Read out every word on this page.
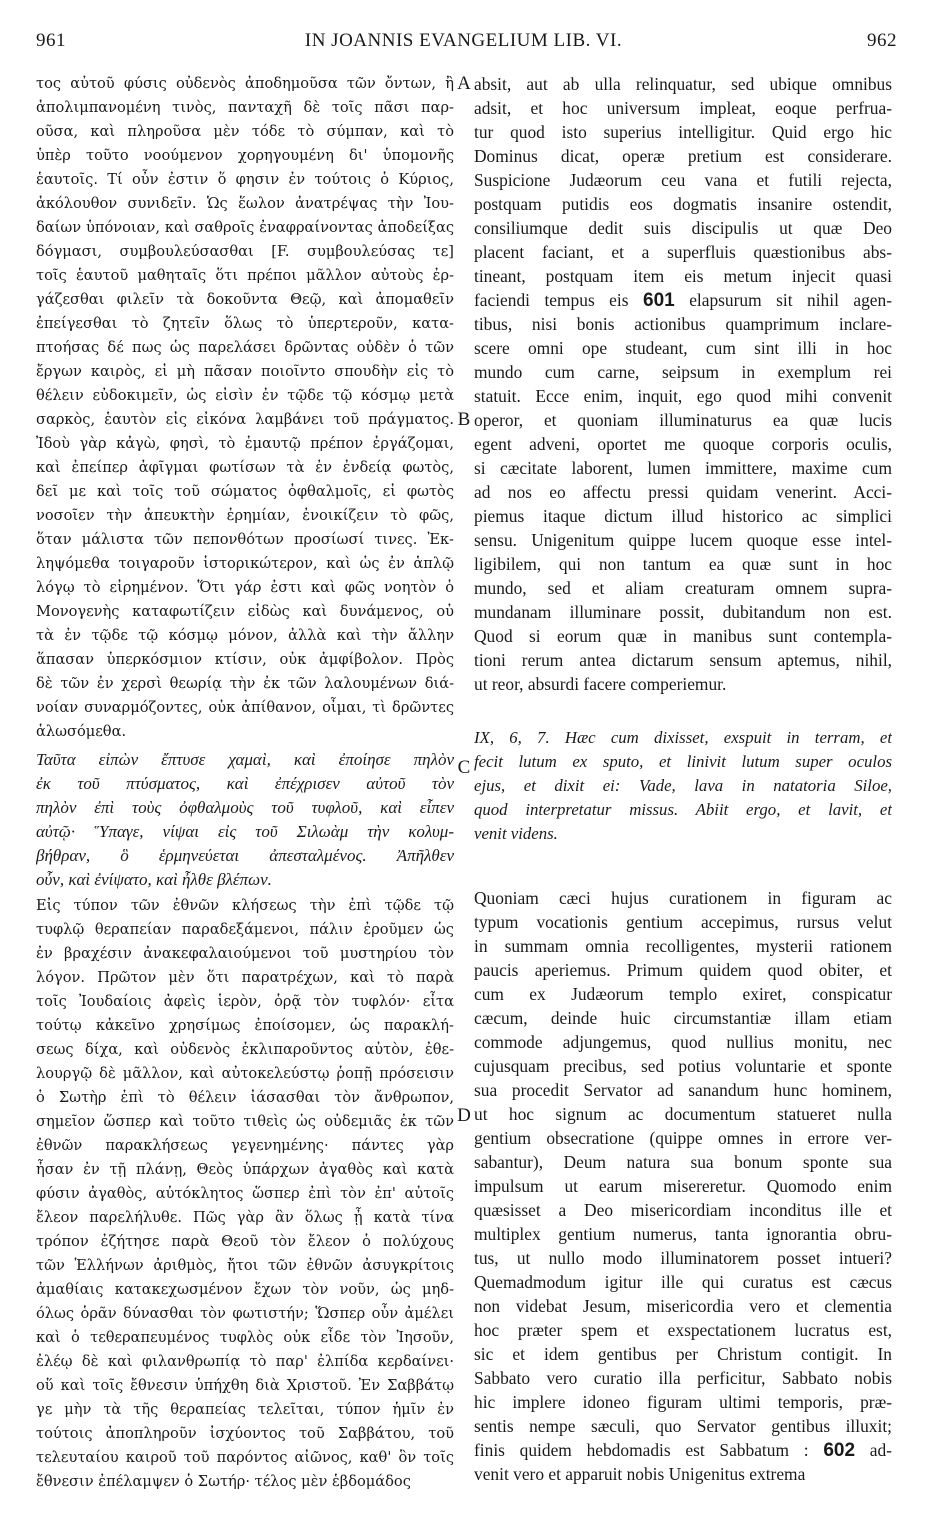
961	IN JOANNIS EVANGELIUM LIB. VI.	962
τος αὐτοῦ φύσις οὐδενὸς ἀποδημοῦσα τῶν ὄντων, ἢ
ἀπολιμπανομένη τινὸς, πανταχῆ δὲ τοῖς πᾶσι παρ-
οῦσα, καὶ πληροῦσα μὲν τόδε τὸ σύμπαν, καὶ τὸ
ὑπὲρ τοῦτο νοούμενον χορηγουμένη δι' ὑπομονῆς
ἑαυτοῖς. Τί οὖν ἐστιν ὅ φησιν ἐν τούτοις ὁ Κύριος,
ἀκόλουθον συνιδεῖν. Ὡς ἕωλον ἀνατρέψας τὴν Ἰου-
δαίων ὑπόνοιαν, καὶ σαθροῖς ἐναφραίνοντας ἀποδείξας
δόγμασι, συμβουλεύσασθαι [F. συμβουλεύσας τε]
τοῖς ἑαυτοῦ μαθηταῖς ὅτι πρέποι μᾶλλον αὐτοὺς ἐρ-
γάζεσθαι φιλεῖν τὰ δοκοῦντα Θεῷ, καὶ ἀπομαθεῖν
ἐπείγεσθαι τὸ ζητεῖν ὅλως τὸ ὑπερτεροῦν, κατα-
πτοήσας δέ πως ὡς παρελάσει δρῶντας οὐδὲν ὁ τῶν
ἔργων καιρὸς, εἰ μὴ πᾶσαν ποιοῖντο σπουδὴν εἰς τὸ
θέλειν εὐδοκιμεῖν, ὡς εἰσὶν ἐν τῷδε τῷ κόσμῳ μετὰ
σαρκὸς, ἑαυτὸν εἰς εἰκόνα λαμβάνει τοῦ πράγματος.
Ἰδοὺ γὰρ κἀγὼ, φησὶ, τὸ ἐμαυτῷ πρέπον ἐργάζομαι,
καὶ ἐπείπερ ἀφῖγμαι φωτίσων τὰ ἐν ἐνδείᾳ φωτὸς,
δεῖ με καὶ τοῖς τοῦ σώματος ὀφθαλμοῖς, εἰ φωτὸς
νοσοῖεν τὴν ἀπευκτὴν ἐρημίαν, ἐνοικίζειν τὸ φῶς,
ὅταν μάλιστα τῶν πεπονθότων προσίωσί τινες. Ἐκ-
ληψόμεθα τοιγαροῦν ἱστορικώτερον, καὶ ὡς ἐν ἁπλῷ
λόγῳ τὸ εἰρημένον. Ὅτι γάρ ἐστι καὶ φῶς νοητὸν ὁ
Μονογενὴς καταφωτίζειν εἰδὼς καὶ δυνάμενος, οὐ
τὰ ἐν τῷδε τῷ κόσμῳ μόνον, ἀλλὰ καὶ τὴν ἄλλην
ἅπασαν ὑπερκόσμιον κτίσιν, οὐκ ἀμφίβολον. Πρὸς
δὲ τῶν ἐν χερσὶ θεωρίᾳ τὴν ἐκ τῶν λαλουμένων διά-
νοίαν συναρμόζοντες, οὐκ ἀπίθανον, οἶμαι, τὶ δρῶντες
ἁλωσόμεθα.
Ταῦτα εἰπὼν ἔπτυσε χαμαὶ, καὶ ἐποίησε πηλὸν
ἐκ τοῦ πτύσματος, καὶ ἐπέχρισεν αὐτοῦ τὸν
πηλὸν ἐπὶ τοὺς ὀφθαλμοὺς τοῦ τυφλοῦ, καὶ εἶπεν
αὐτῷ· Ὕπαγε, νίψαι εἰς τοῦ Σιλωὰμ τὴν κολυμ-
βήθραν, ὃ ἑρμηνεύεται ἀπεσταλμένος. Ἀπῆλθεν
οὖν, καὶ ἐνίψατο, καὶ ἦλθε βλέπων.
Εἰς τύπον τῶν ἐθνῶν κλήσεως τὴν ἐπὶ τῷδε τῷ
τυφλῷ θεραπείαν παραδεξάμενοι, πάλιν ἐροῦμεν ὡς
ἐν βραχέσιν ἀνακεφαλαιούμενοι τοῦ μυστηρίου τὸν
λόγον. Πρῶτον μὲν ὅτι παρατρέχων, καὶ τὸ παρὰ
τοῖς Ἰουδαίοις ἀφεὶς ἱερὸν, ὁρᾷ τὸν τυφλόν· εἶτα
τούτῳ κἀκεῖνο χρησίμως ἐποίσομεν, ὡς παρακλή-
σεως δίχα, καὶ οὐδενὸς ἐκλιπαροῦντος αὐτὸν, ἐθε-
λουργῷ δὲ μᾶλλον, καὶ αὐτοκελεύστῳ ῥοπῇ πρόσεισιν
ὁ Σωτὴρ ἐπὶ τὸ θέλειν ἰάσασθαι τὸν ἄνθρωπον,
σημεῖον ὥσπερ καὶ τοῦτο τιθεὶς ὡς οὐδεμιᾶς ἐκ τῶν
ἐθνῶν παρακλήσεως γεγενημένης· πάντες γὰρ
ἦσαν ἐν τῇ πλάνῃ, Θεὸς ὑπάρχων ἀγαθὸς καὶ κατὰ
φύσιν ἀγαθὸς, αὐτόκλητος ὥσπερ ἐπὶ τὸν ἐπ' αὐτοῖς
ἔλεον παρελήλυθε. Πῶς γὰρ ἂν ὅλως ᾖ κατὰ τίνα
τρόπον ἐζήτησε παρὰ Θεοῦ τὸν ἔλεον ὁ πολύχους
τῶν Ἑλλήνων ἀριθμὸς, ἤτοι τῶν ἐθνῶν ἀσυγκρίτοις
ἀμαθίαις κατακεχωσμένον ἔχων τὸν νοῦν, ὡς μηδ-
όλως ὁρᾶν δύνασθαι τὸν φωτιστήν; Ὥσπερ οὖν ἀμέλει
καὶ ὁ τεθεραπευμένος τυφλὸς οὐκ εἶδε τὸν Ἰησοῦν,
ἐλέῳ δὲ καὶ φιλανθρωπίᾳ τὸ παρ' ἐλπίδα κερδαίνει·
οὕ καὶ τοῖς ἔθνεσιν ὑπήχθη διὰ Χριστοῦ. Ἐν Σαββάτῳ
γε μὴν τὰ τῆς θεραπείας τελεῖται, τύπον ἡμῖν ἐν
τούτοις ἀποπληροῦν ἰσχύοντος τοῦ Σαββάτου, τοῦ
τελευταίου καιροῦ τοῦ παρόντος αἰῶνος, καθ' ὃν τοῖς
ἔθνεσιν ἐπέλαμψεν ὁ Σωτήρ· τέλος μὲν ἑβδομάδος
absit, aut ab ulla relinquatur, sed ubique omnibus
adsit, et hoc universum impleat, eoque perfrua-
tur quod isto superius intelligitur. Quid ergo hic
Dominus dicat, operæ pretium est considerare.
Suspicione Judæorum ceu vana et futili rejecta,
postquam putidis eos dogmatis insanire ostendit,
consiliumque dedit suis discipulis ut quæ Deo
placent faciant, et a superfluis quæstionibus abs-
tineant, postquam item eis metum injecit quasi
faciendi tempus eis 601 elapsurum sit nihil agen-
tibus, nisi bonis actionibus quamprimum inclare-
scere omni ope studeant, cum sint illi in hoc
mundo cum carne, seipsum in exemplum rei
statuit. Ecce enim, inquit, ego quod mihi convenit
operor, et quoniam illuminaturus ea quæ lucis
egent adveni, oportet me quoque corporis oculis,
si cæcitate laborent, lumen immittere, maxime cum
ad nos eo affectu pressi quidam venerint. Acci-
piemus itaque dictum illud historico ac simplici
sensu. Unigenitum quippe lucem quoque esse intel-
ligibilem, qui non tantum ea quæ sunt in hoc
mundo, sed et aliam creaturam omnem supra-
mundanam illuminare possit, dubitandum non est.
Quod si eorum quæ in manibus sunt contempla-
tioni rerum antea dictarum sensum aptemus, nihil,
ut reor, absurdi facere comperiemur.
IX, 6, 7. Hæc cum dixisset, exspuit in terram, et
fecit lutum ex sputo, et linivit lutum super oculos
ejus, et dixit ei: Vade, lava in natatoria Siloe,
quod interpretatur missus. Abiit ergo, et lavit, et
venit videns.
Quoniam cæci hujus curationem in figuram ac
typum vocationis gentium accepimus, rursus velut
in summam omnia recolligentes, mysterii rationem
paucis aperiemus. Primum quidem quod obiter, et
cum ex Judæorum templo exiret, conspicatur
cæcum, deinde huic circumstantiæ illam etiam
commode adjungemus, quod nullius monitu, nec
cujusquam precibus, sed potius voluntarie et sponte
sua procedit Servator ad sanandum hunc hominem,
ut hoc signum ac documentum statueret nulla
gentium obsecratione (quippe omnes in errore ver-
sabantur), Deum natura sua bonum sponte sua
impulsum ut earum misereretur. Quomodo enim
quæsisset a Deo misericordiam inconditus ille et
multiplex gentium numerus, tanta ignorantia obru-
tus, ut nullo modo illuminatorem posset intueri?
Quemadmodum igitur ille qui curatus est cæcus
non videbat Jesum, misericordia vero et clementia
hoc præter spem et exspectationem lucratus est,
sic et idem gentibus per Christum contigit. In
Sabbato vero curatio illa perficitur, Sabbato nobis
hic implere idoneo figuram ultimi temporis, præ-
sentis nempe sæculi, quo Servator gentibus illuxit;
finis quidem hebdomadis est Sabbatum : 602 ad-
venit vero et apparuit nobis Unigenitus extrema
A
B
C
D
